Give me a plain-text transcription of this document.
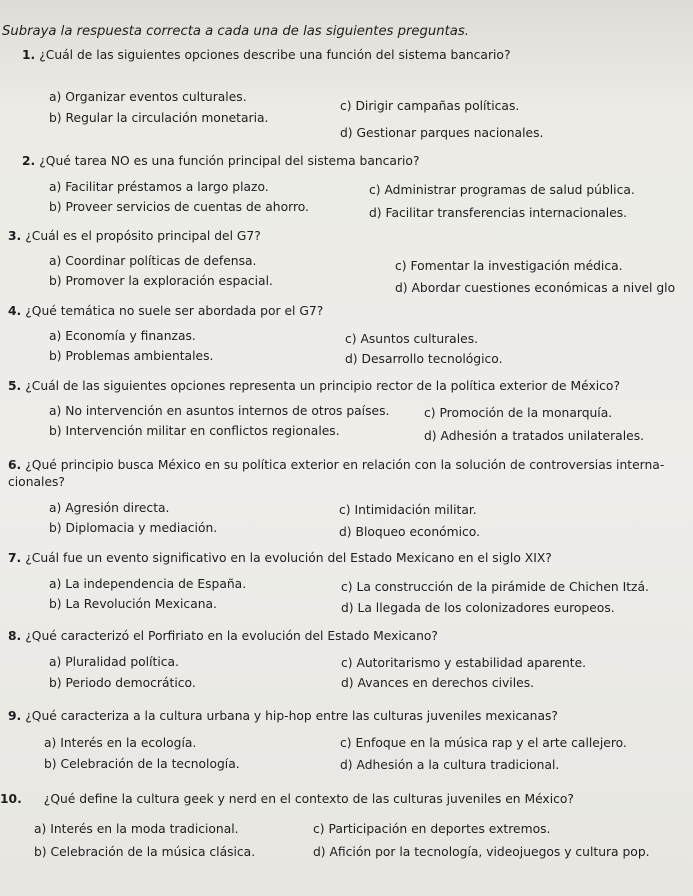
Subraya la respuesta correcta a cada una de las siguientes preguntas.
1. ¿Cuál de las siguientes opciones describe una función del sistema bancario?
a) Organizar eventos culturales.
b) Regular la circulación monetaria.
c) Dirigir campañas políticas.
d) Gestionar parques nacionales.
2. ¿Qué tarea NO es una función principal del sistema bancario?
a) Facilitar préstamos a largo plazo.
b) Proveer servicios de cuentas de ahorro.
c) Administrar programas de salud pública.
d) Facilitar transferencias internacionales.
3. ¿Cuál es el propósito principal del G7?
a) Coordinar políticas de defensa.
b) Promover la exploración espacial.
c) Fomentar la investigación médica.
d) Abordar cuestiones económicas a nivel glo
4. ¿Qué temática no suele ser abordada por el G7?
a) Economía y finanzas.
b) Problemas ambientales.
c) Asuntos culturales.
d) Desarrollo tecnológico.
5. ¿Cuál de las siguientes opciones representa un principio rector de la política exterior de México?
a) No intervención en asuntos internos de otros países.
b) Intervención militar en conflictos regionales.
c) Promoción de la monarquía.
d) Adhesión a tratados unilaterales.
6. ¿Qué principio busca México en su política exterior en relación con la solución de controversias interna- cionales?
a) Agresión directa.
b) Diplomacia y mediación.
c) Intimidación militar.
d) Bloqueo económico.
7. ¿Cuál fue un evento significativo en la evolución del Estado Mexicano en el siglo XIX?
a) La independencia de España.
b) La Revolución Mexicana.
c) La construcción de la pirámide de Chichen Itzá.
d) La llegada de los colonizadores europeos.
8. ¿Qué caracterizó el Porfiriato en la evolución del Estado Mexicano?
a) Pluralidad política.
b) Periodo democrático.
c) Autoritarismo y estabilidad aparente.
d) Avances en derechos civiles.
9. ¿Qué caracteriza a la cultura urbana y hip-hop entre las culturas juveniles mexicanas?
a) Interés en la ecología.
b) Celebración de la tecnología.
c) Enfoque en la música rap y el arte callejero.
d) Adhesión a la cultura tradicional.
10. ¿Qué define la cultura geek y nerd en el contexto de las culturas juveniles en México?
a) Interés en la moda tradicional.
b) Celebración de la música clásica.
c) Participación en deportes extremos.
d) Afición por la tecnología, videojuegos y cultura pop.
